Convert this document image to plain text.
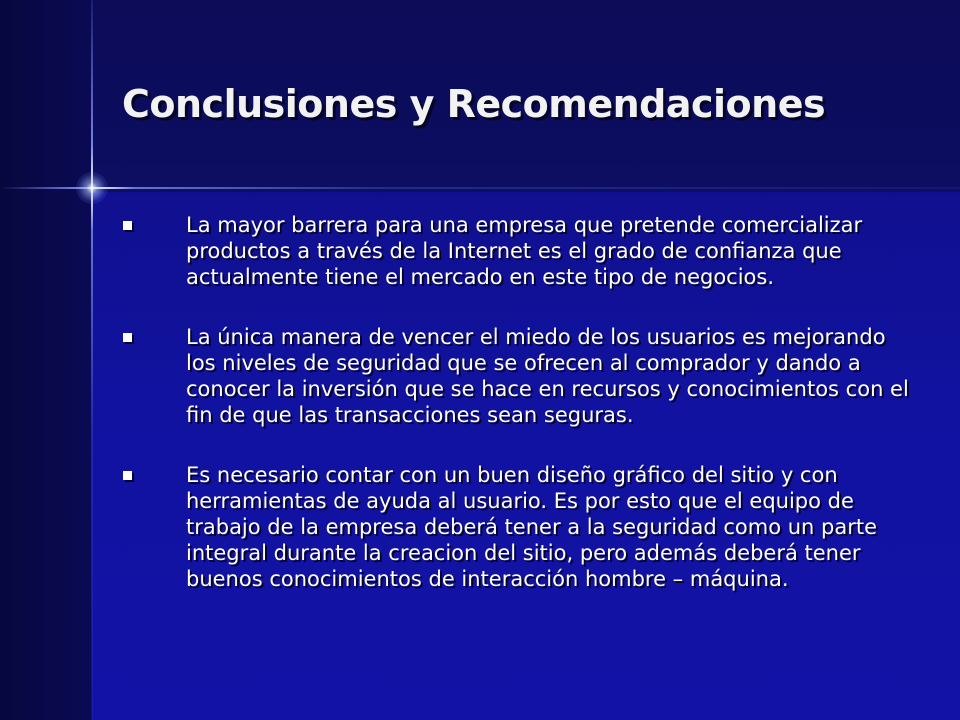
Conclusiones y Recomendaciones
La mayor barrera para una empresa que pretende comercializar productos a través de la Internet es el grado de confianza que actualmente tiene el mercado en este tipo de negocios.
La única manera de vencer el miedo de los usuarios es mejorando los niveles de seguridad que se ofrecen al comprador y dando a conocer la inversión que se hace en recursos y conocimientos con el fin de que las transacciones sean seguras.
Es necesario contar con un buen diseño gráfico del sitio y con herramientas de ayuda al usuario. Es por esto que el equipo de trabajo de la empresa deberá tener a la seguridad como un parte integral durante la creacion del sitio, pero además deberá tener buenos conocimientos de interacción hombre – máquina.
